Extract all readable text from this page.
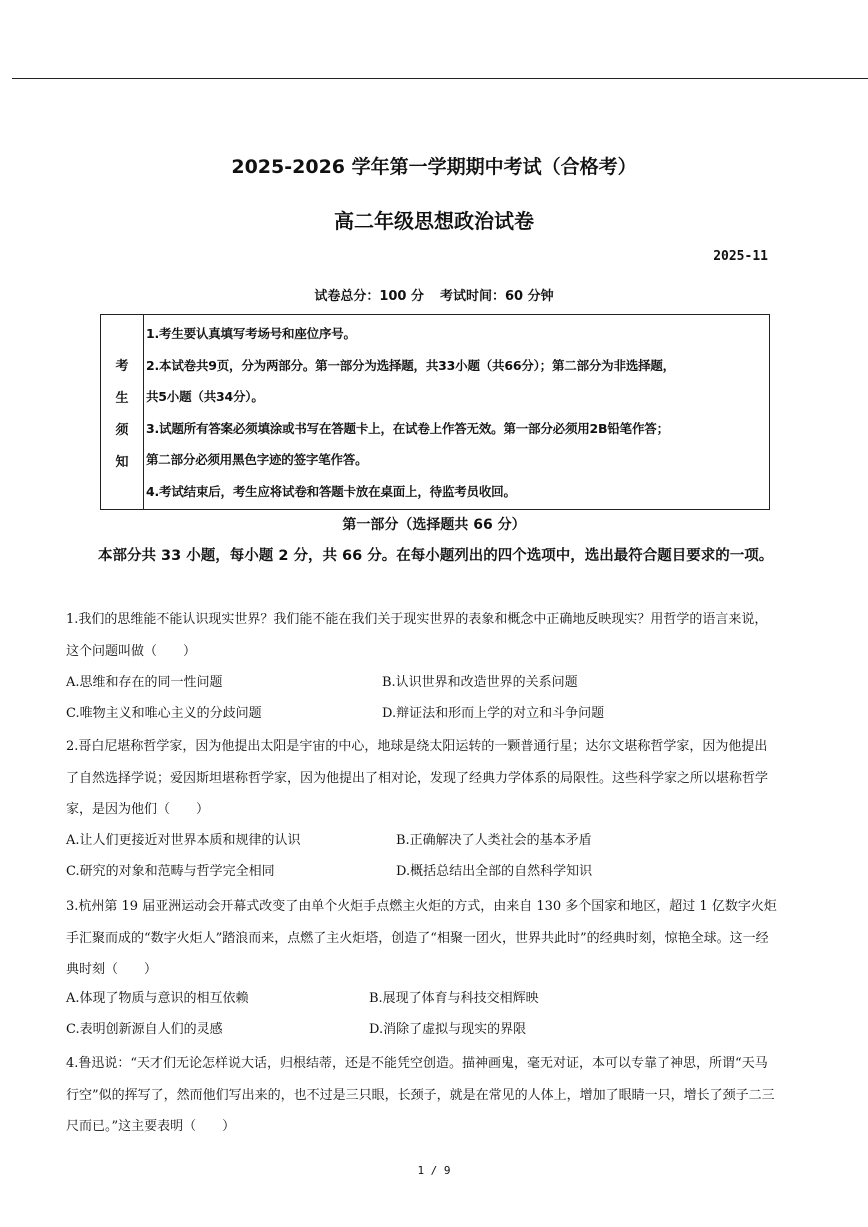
2025-2026 学年第一学期期中考试（合格考）
高二年级思想政治试卷
2025-11
试卷总分：100 分 考试时间：60 分钟
考
生
须
知
1.考生要认真填写考场号和座位序号。
2.本试卷共9页，分为两部分。第一部分为选择题，共33小题（共66分）；第二部分为非选择题，
共5小题（共34分）。
3.试题所有答案必须填涂或书写在答题卡上，在试卷上作答无效。第一部分必须用2B铅笔作答；
第二部分必须用黑色字迹的签字笔作答。
4.考试结束后，考生应将试卷和答题卡放在桌面上，待监考员收回。
第一部分（选择题共 66 分）
本部分共 33 小题，每小题 2 分，共 66 分。在每小题列出的四个选项中，选出最符合题目要求的一项。

1.我们的思维能不能认识现实世界？我们能不能在我们关于现实世界的表象和概念中正确地反映现实？用哲学的语言来说，这个问题叫做（　　）

A.思维和存在的同一性问题	B.认识世界和改造世界的关系问题
C.唯物主义和唯心主义的分歧问题	D.辩证法和形而上学的对立和斗争问题

2.哥白尼堪称哲学家，因为他提出太阳是宇宙的中心，地球是绕太阳运转的一颗普通行星；达尔文堪称哲学家，因为他提出了自然选择学说；爱因斯坦堪称哲学家，因为他提出了相对论，发现了经典力学体系的局限性。这些科学家之所以堪称哲学家，是因为他们（　　）

A.让人们更接近对世界本质和规律的认识	B.正确解决了人类社会的基本矛盾
C.研究的对象和范畴与哲学完全相同	D.概括总结出全部的自然科学知识

3.杭州第 19 届亚洲运动会开幕式改变了由单个火炬手点燃主火炬的方式，由来自 130 多个国家和地区，超过 1 亿数字火炬手汇聚而成的“数字火炬人”踏浪而来，点燃了主火炬塔，创造了“相聚一团火，世界共此时”的经典时刻，惊艳全球。这一经典时刻（　　）

A.体现了物质与意识的相互依赖	B.展现了体育与科技交相辉映
C.表明创新源自人们的灵感	D.消除了虚拟与现实的界限

4.鲁迅说：“天才们无论怎样说大话，归根结蒂，还是不能凭空创造。描神画鬼，毫无对证，本可以专靠了神思，所谓“天马行空”似的挥写了，然而他们写出来的，也不过是三只眼，长颈子，就是在常见的人体上，增加了眼睛一只，增长了颈子二三尺而已。”这主要表明（　　）

1 / 9
